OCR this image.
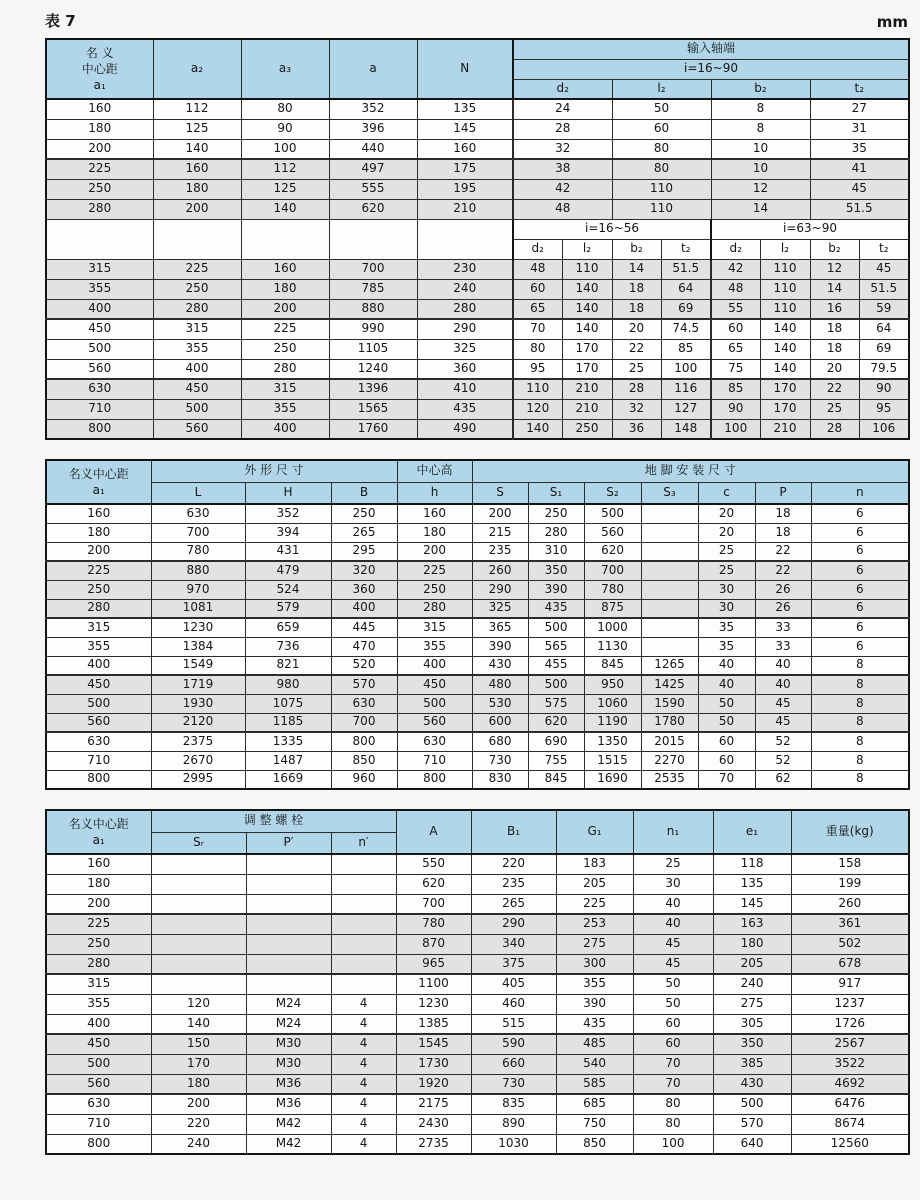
表 7	mm
名 义
中心距
a₁	a₂	a₃	a	N	输入轴端							
					i=16~90							
					d₂		l₂		b₂		t₂	
160	112	80	352	135	24		50		8		27	
180	125	90	396	145	28		60		8		31	
200	140	100	440	160	32		80		10		35	
225	160	112	497	175	38		80		10		41	
250	180	125	555	195	42		110		12		45	
280	200	140	620	210	48		110		14		51.5	
					i=16~56				i=63~90			
					d₂	l₂	b₂	t₂	d₂	l₂	b₂	t₂
315	225	160	700	230	48	110	14	51.5	42	110	12	45
355	250	180	785	240	60	140	18	64	48	110	14	51.5
400	280	200	880	280	65	140	18	69	55	110	16	59
450	315	225	990	290	70	140	20	74.5	60	140	18	64
500	355	250	1105	325	80	170	22	85	65	140	18	69
560	400	280	1240	360	95	170	25	100	75	140	20	79.5
630	450	315	1396	410	110	210	28	116	85	170	22	90
710	500	355	1565	435	120	210	32	127	90	170	25	95
800	560	400	1760	490	140	250	36	148	100	210	28	106
名义中心距
a₁	外 形 尺 寸			中心高	地 脚 安 装 尺 寸						
	L	H	B	h	S	S₁	S₂	S₃	c	P	n
160	630	352	250	160	200	250	500		20	18	6
180	700	394	265	180	215	280	560		20	18	6
200	780	431	295	200	235	310	620		25	22	6
225	880	479	320	225	260	350	700		25	22	6
250	970	524	360	250	290	390	780		30	26	6
280	1081	579	400	280	325	435	875		30	26	6
315	1230	659	445	315	365	500	1000		35	33	6
355	1384	736	470	355	390	565	1130		35	33	6
400	1549	821	520	400	430	455	845	1265	40	40	8
450	1719	980	570	450	480	500	950	1425	40	40	8
500	1930	1075	630	500	530	575	1060	1590	50	45	8
560	2120	1185	700	560	600	620	1190	1780	50	45	8
630	2375	1335	800	630	680	690	1350	2015	60	52	8
710	2670	1487	850	710	730	755	1515	2270	60	52	8
800	2995	1669	960	800	830	845	1690	2535	70	62	8
名义中心距
a₁	调 整 螺 栓			A	B₁	G₁	n₁	e₁	重量(kg)
	Sᵣ	P′	n′						
160				550	220	183	25	118	158
180				620	235	205	30	135	199
200				700	265	225	40	145	260
225				780	290	253	40	163	361
250				870	340	275	45	180	502
280				965	375	300	45	205	678
315				1100	405	355	50	240	917
355	120	M24	4	1230	460	390	50	275	1237
400	140	M24	4	1385	515	435	60	305	1726
450	150	M30	4	1545	590	485	60	350	2567
500	170	M30	4	1730	660	540	70	385	3522
560	180	M36	4	1920	730	585	70	430	4692
630	200	M36	4	2175	835	685	80	500	6476
710	220	M42	4	2430	890	750	80	570	8674
800	240	M42	4	2735	1030	850	100	640	12560
